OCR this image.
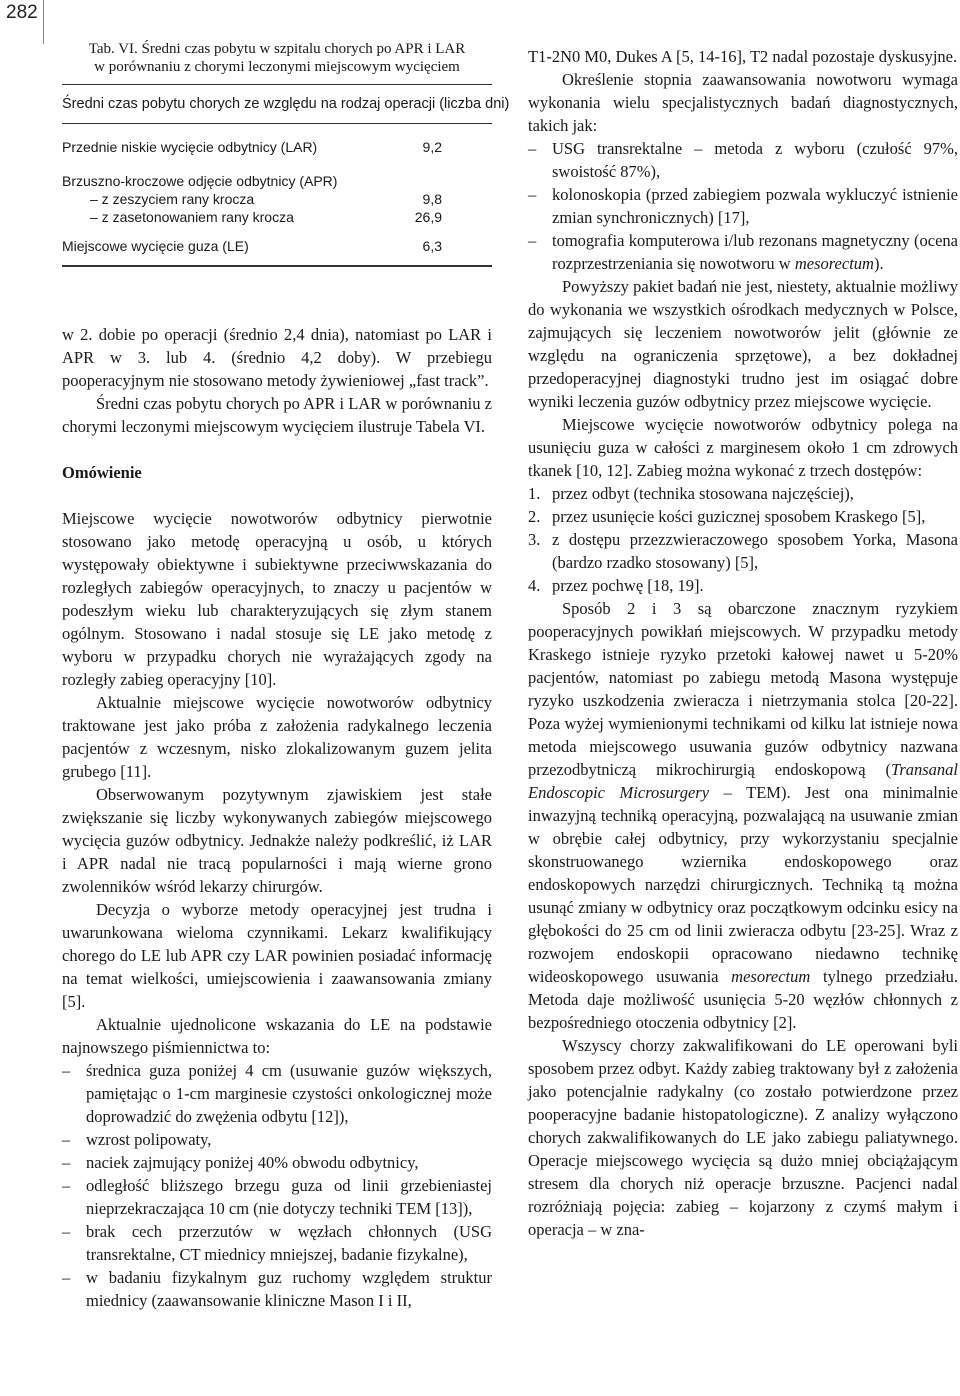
282
Tab. VI. Średni czas pobytu w szpitalu chorych po APR i LAR
w porównaniu z chorymi leczonymi miejscowym wycięciem
Średni czas pobytu chorych ze względu na rodzaj operacji (liczba dni)
Przednie niskie wycięcie odbytnicy (LAR)	9,2
Brzuszno-kroczowe odjęcie odbytnicy (APR)
– z zeszyciem rany krocza	9,8
– z zasetonowaniem rany krocza	26,9
Miejscowe wycięcie guza (LE)	6,3

w 2. dobie po operacji (średnio 2,4 dnia), natomiast po LAR i APR w 3. lub 4. (średnio 4,2 doby). W przebiegu pooperacyjnym nie stosowano metody żywieniowej „fast track”.

Średni czas pobytu chorych po APR i LAR w porównaniu z chorymi leczonymi miejscowym wycięciem ilustruje Tabela VI.

Omówienie

Miejscowe wycięcie nowotworów odbytnicy pierwotnie stosowano jako metodę operacyjną u osób, u których występowały obiektywne i subiektywne przeciwwskazania do rozległych zabiegów operacyjnych, to znaczy u pacjentów w podeszłym wieku lub charakteryzujących się złym stanem ogólnym. Stosowano i nadal stosuje się LE jako metodę z wyboru w przypadku chorych nie wyrażających zgody na rozległy zabieg operacyjny [10].

Aktualnie miejscowe wycięcie nowotworów odbytnicy traktowane jest jako próba z założenia radykalnego leczenia pacjentów z wczesnym, nisko zlokalizowanym guzem jelita grubego [11].

Obserwowanym pozytywnym zjawiskiem jest stałe zwiększanie się liczby wykonywanych zabiegów miejscowego wycięcia guzów odbytnicy. Jednakże należy podkreślić, iż LAR i APR nadal nie tracą popularności i mają wierne grono zwolenników wśród lekarzy chirurgów.

Decyzja o wyborze metody operacyjnej jest trudna i uwarunkowana wieloma czynnikami. Lekarz kwalifikujący chorego do LE lub APR czy LAR powinien posiadać informację na temat wielkości, umiejscowienia i zaawansowania zmiany [5].

Aktualnie ujednolicone wskazania do LE na podstawie najnowszego piśmiennictwa to:

– średnica guza poniżej 4 cm (usuwanie guzów większych, pamiętając o 1-cm marginesie czystości onkologicznej może doprowadzić do zwężenia odbytu [12]),
– wzrost polipowaty,
– naciek zajmujący poniżej 40% obwodu odbytnicy,
– odległość bliższego brzegu guza od linii grzebieniastej nieprzekraczająca 10 cm (nie dotyczy techniki TEM [13]),
– brak cech przerzutów w węzłach chłonnych (USG transrektalne, CT miednicy mniejszej, badanie fizykalne),
– w badaniu fizykalnym guz ruchomy względem struktur miednicy (zaawansowanie kliniczne Mason I i II,

T1-2N0 M0, Dukes A [5, 14-16], T2 nadal pozostaje dyskusyjne.

Określenie stopnia zaawansowania nowotworu wymaga wykonania wielu specjalistycznych badań diagnostycznych, takich jak:

– USG transrektalne – metoda z wyboru (czułość 97%, swoistość 87%),
– kolonoskopia (przed zabiegiem pozwala wykluczyć istnienie zmian synchronicznych) [17],
– tomografia komputerowa i/lub rezonans magnetyczny (ocena rozprzestrzeniania się nowotworu w mesorectum).

Powyższy pakiet badań nie jest, niestety, aktualnie możliwy do wykonania we wszystkich ośrodkach medycznych w Polsce, zajmujących się leczeniem nowotworów jelit (głównie ze względu na ograniczenia sprzętowe), a bez dokładnej przedoperacyjnej diagnostyki trudno jest im osiągać dobre wyniki leczenia guzów odbytnicy przez miejscowe wycięcie.

Miejscowe wycięcie nowotworów odbytnicy polega na usunięciu guza w całości z marginesem około 1 cm zdrowych tkanek [10, 12]. Zabieg można wykonać z trzech dostępów:

1. przez odbyt (technika stosowana najczęściej),
2. przez usunięcie kości guzicznej sposobem Kraskego [5],
3. z dostępu przezzwieraczowego sposobem Yorka, Masona (bardzo rzadko stosowany) [5],
4. przez pochwę [18, 19].

Sposób 2 i 3 są obarczone znacznym ryzykiem pooperacyjnych powikłań miejscowych. W przypadku metody Kraskego istnieje ryzyko przetoki kałowej nawet u 5-20% pacjentów, natomiast po zabiegu metodą Masona występuje ryzyko uszkodzenia zwieracza i nietrzymania stolca [20-22]. Poza wyżej wymienionymi technikami od kilku lat istnieje nowa metoda miejscowego usuwania guzów odbytnicy nazwana przezodbytniczą mikrochirurgią endoskopową (Transanal Endoscopic Microsurgery – TEM). Jest ona minimalnie inwazyjną techniką operacyjną, pozwalającą na usuwanie zmian w obrębie całej odbytnicy, przy wykorzystaniu specjalnie skonstruowanego wziernika endoskopowego oraz endoskopowych narzędzi chirurgicznych. Techniką tą można usunąć zmiany w odbytnicy oraz początkowym odcinku esicy na głębokości do 25 cm od linii zwieracza odbytu [23-25]. Wraz z rozwojem endoskopii opracowano niedawno technikę wideoskopowego usuwania mesorectum tylnego przedziału. Metoda daje możliwość usunięcia 5-20 węzłów chłonnych z bezpośredniego otoczenia odbytnicy [2].

Wszyscy chorzy zakwalifikowani do LE operowani byli sposobem przez odbyt. Każdy zabieg traktowany był z założenia jako potencjalnie radykalny (co zostało potwierdzone przez pooperacyjne badanie histopatologiczne). Z analizy wyłączono chorych zakwalifikowanych do LE jako zabiegu paliatywnego. Operacje miejscowego wycięcia są dużo mniej obciążającym stresem dla chorych niż operacje brzuszne. Pacjenci nadal rozróżniają pojęcia: zabieg – kojarzony z czymś małym i operacja – w zna-
